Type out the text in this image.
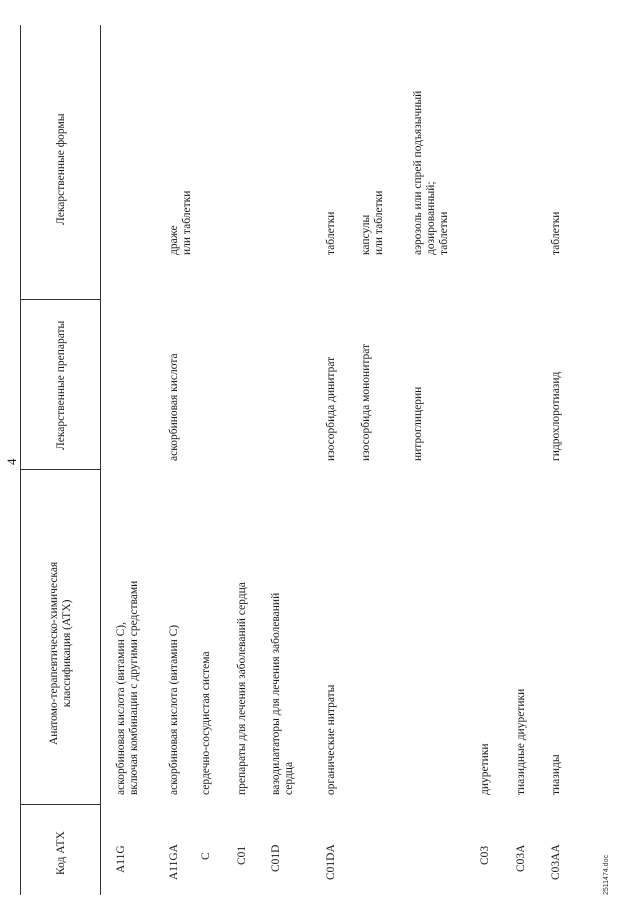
Код АТХ
Анатомо-терапевтическо-химическая
классификация (АТХ)
Лекарственные препараты
Лекарственные формы
4
A11G
аскорбиновая кислота (витамин C),
включая комбинации с другими средствами
A11GA
аскорбиновая кислота (витамин C)
аскорбиновая кислота
драже
или таблетки
C
сердечно-сосудистая система
C01
препараты для лечения заболеваний сердца
C01D
вазодилататоры для лечения заболеваний
сердца
C01DA
органические нитраты
изосорбида динитрат
таблетки
изосорбида мононитрат
капсулы
или таблетки
нитроглицерин
аэрозоль или спрей подъязычный
дозированный;
таблетки
C03
диуретики
C03A
тиазидные диуретики
C03AA
тиазиды
гидрохлоротиазид
таблетки
2511474.doc
